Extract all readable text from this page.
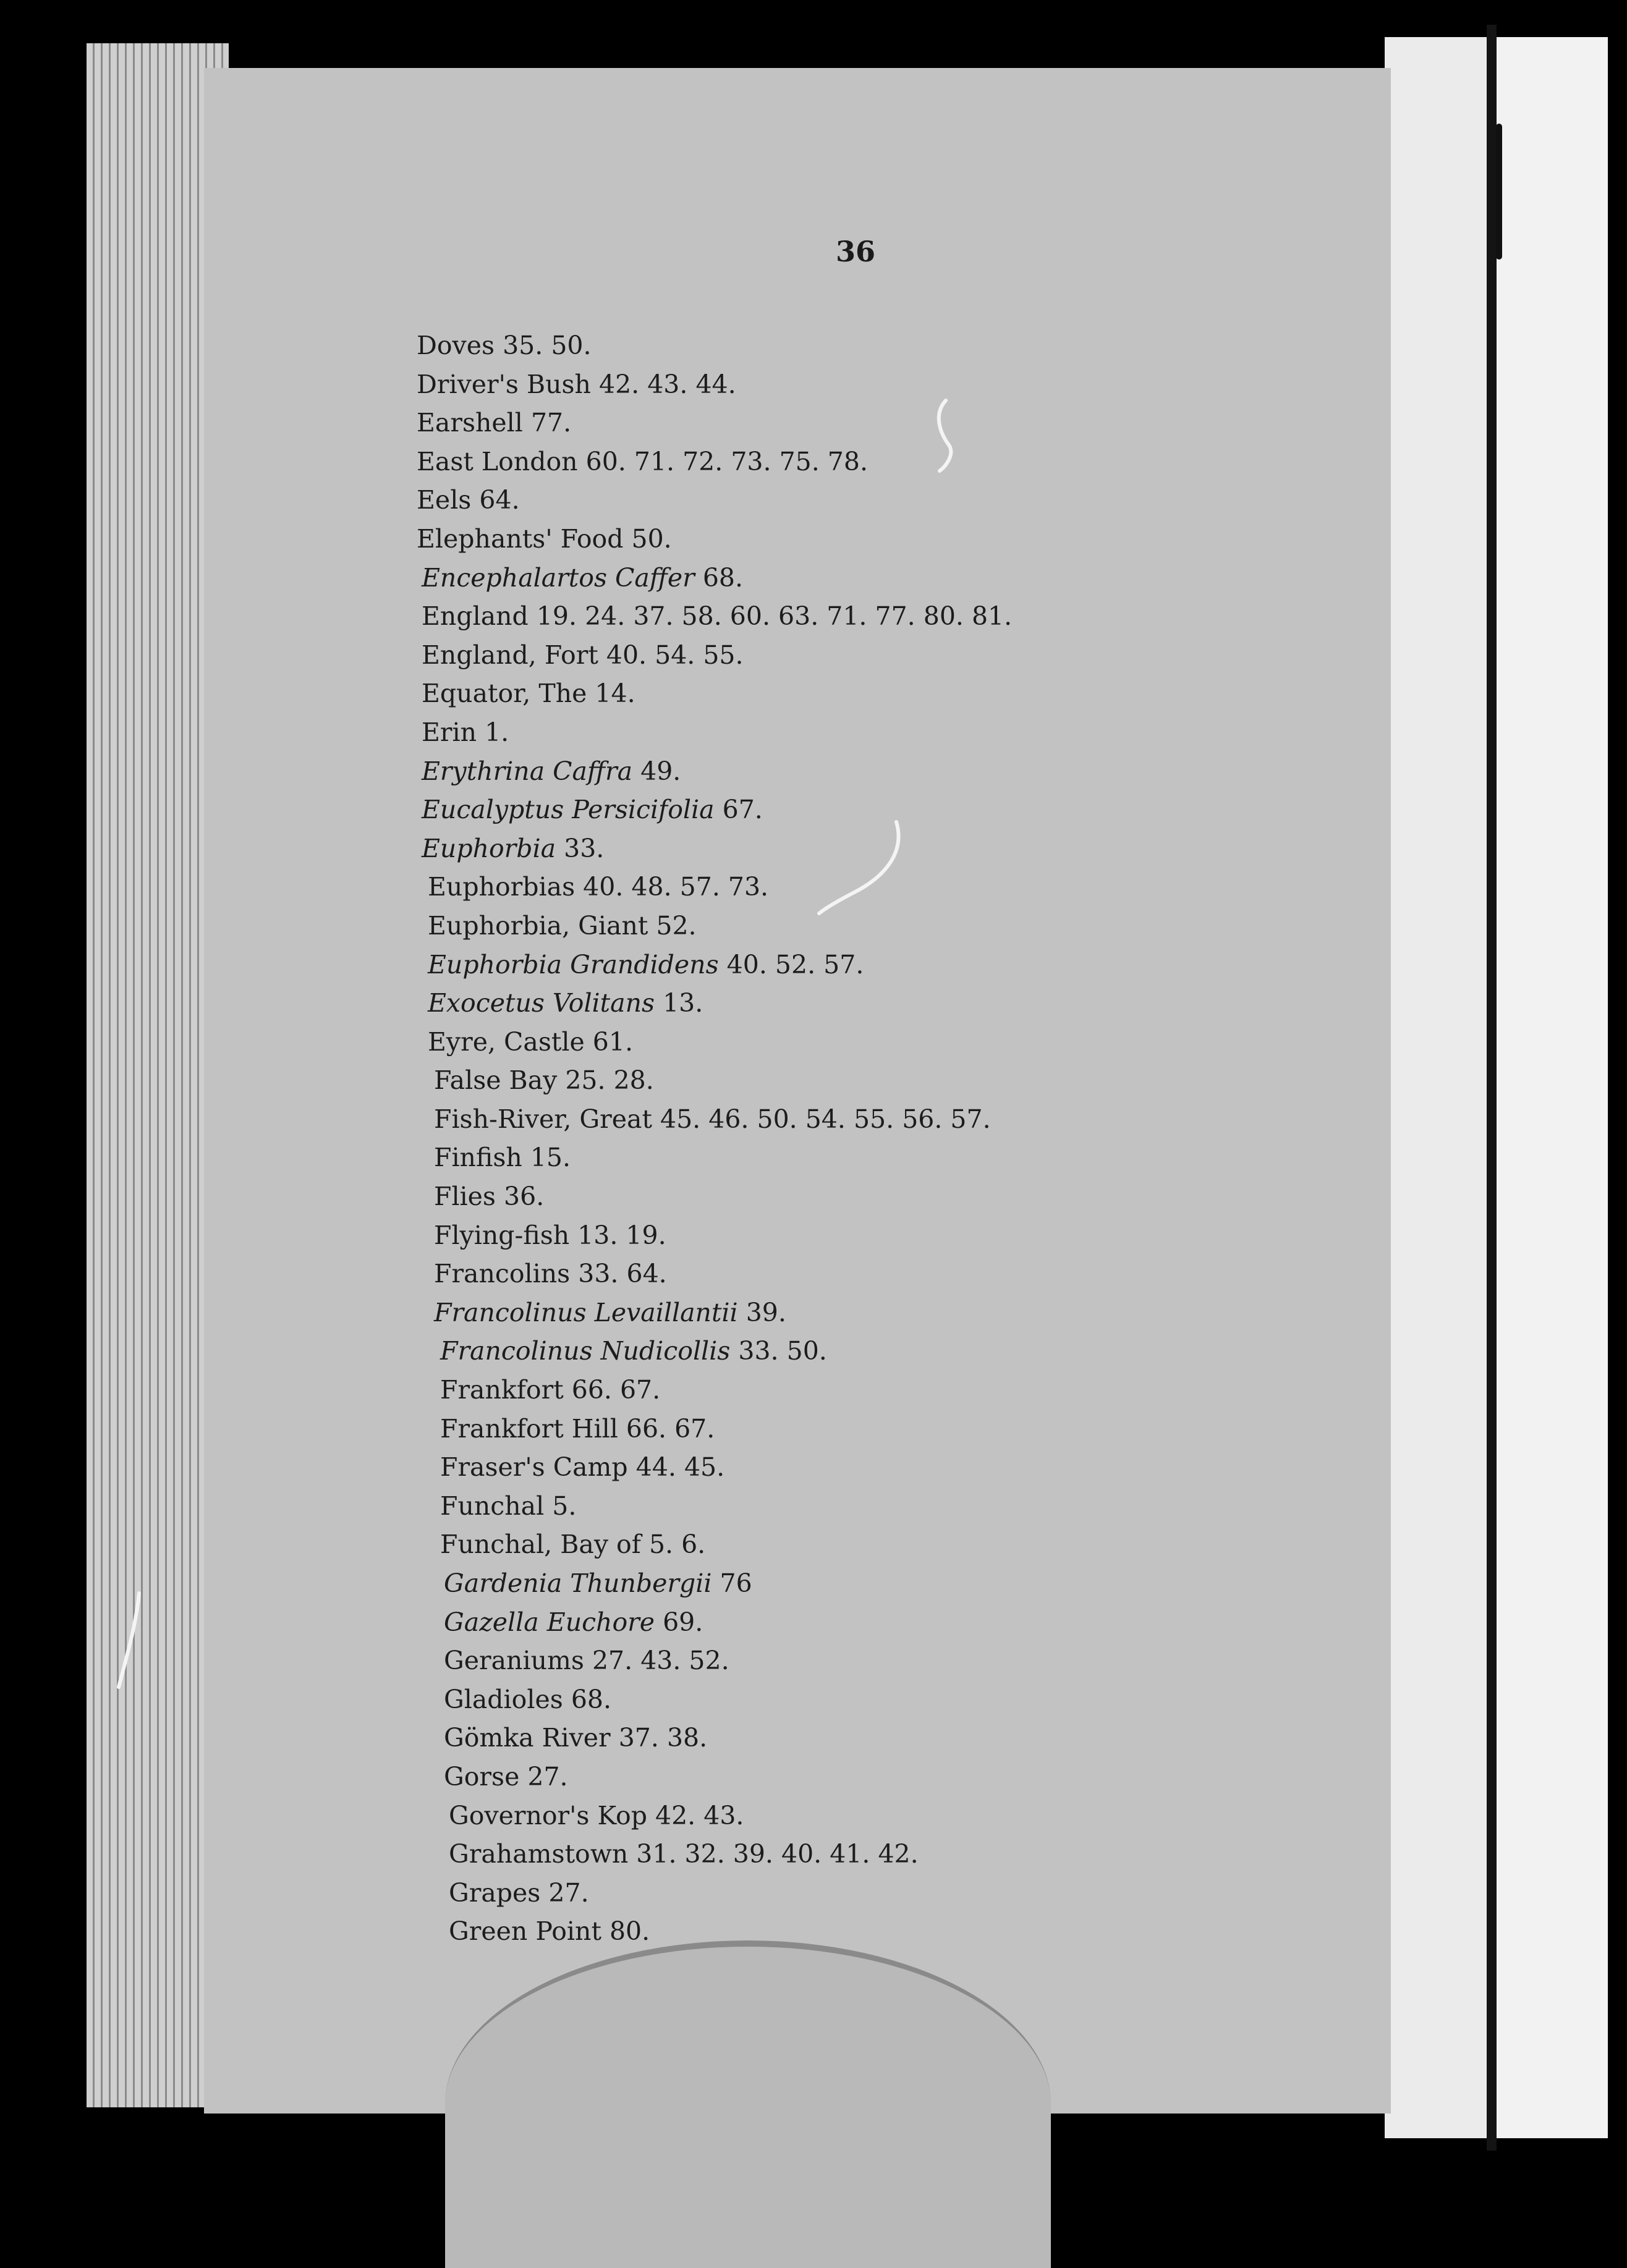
36
Doves 35. 50.
Driver's Bush 42. 43. 44.
Earshell 77.
East London 60. 71. 72. 73. 75. 78.
Eels 64.
Elephants' Food 50.
Encephalartos Caffer 68.
England 19. 24. 37. 58. 60. 63. 71. 77. 80. 81.
England, Fort 40. 54. 55.
Equator, The 14.
Erin 1.
Erythrina Caffra 49.
Eucalyptus Persicifolia 67.
Euphorbia 33.
Euphorbias 40. 48. 57. 73.
Euphorbia, Giant 52.
Euphorbia Grandidens 40. 52. 57.
Exocetus Volitans 13.
Eyre, Castle 61.
False Bay 25. 28.
Fish-River, Great 45. 46. 50. 54. 55. 56. 57.
Finfish 15.
Flies 36.
Flying-fish 13. 19.
Francolins 33. 64.
Francolinus Levaillantii 39.
Francolinus Nudicollis 33. 50.
Frankfort 66. 67.
Frankfort Hill 66. 67.
Fraser's Camp 44. 45.
Funchal 5.
Funchal, Bay of 5. 6.
Gardenia Thunbergii 76
Gazella Euchore 69.
Geraniums 27. 43. 52.
Gladioles 68.
Gömka River 37. 38.
Gorse 27.
Governor's Kop 42. 43.
Grahamstown 31. 32. 39. 40. 41. 42.
Grapes 27.
Green Point 80.
